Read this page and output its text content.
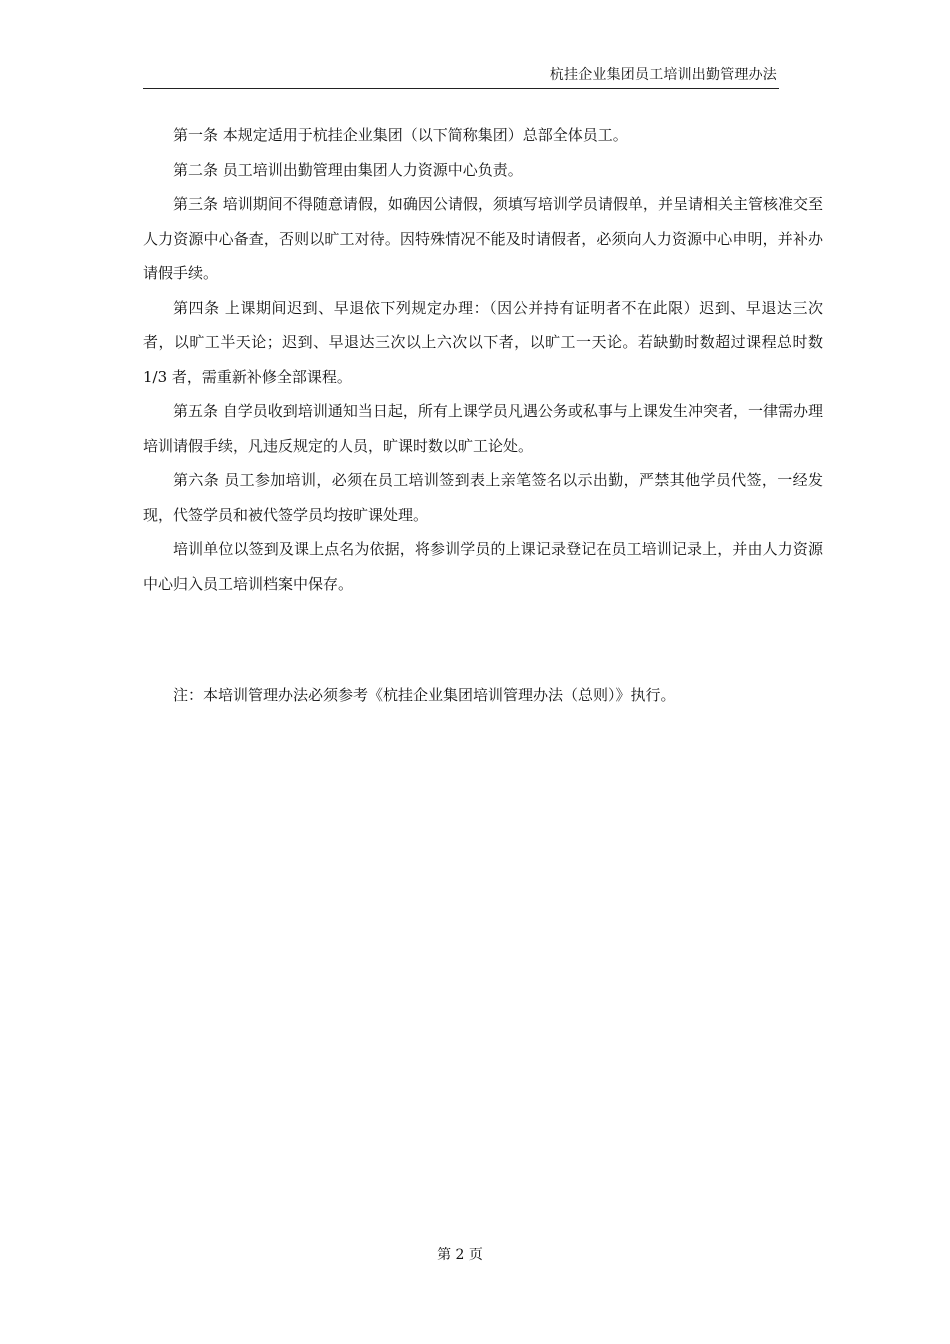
杭挂企业集团员工培训出勤管理办法

第一条 本规定适用于杭挂企业集团（以下简称集团）总部全体员工。

第二条 员工培训出勤管理由集团人力资源中心负责。

第三条 培训期间不得随意请假，如确因公请假，须填写培训学员请假单，并呈请相关主管核准交至人力资源中心备查，否则以旷工对待。因特殊情况不能及时请假者，必须向人力资源中心申明，并补办请假手续。

第四条 上课期间迟到、早退依下列规定办理：（因公并持有证明者不在此限）迟到、早退达三次者，以旷工半天论；迟到、早退达三次以上六次以下者，以旷工一天论。若缺勤时数超过课程总时数 1/3 者，需重新补修全部课程。

第五条 自学员收到培训通知当日起，所有上课学员凡遇公务或私事与上课发生冲突者，一律需办理培训请假手续，凡违反规定的人员，旷课时数以旷工论处。

第六条 员工参加培训，必须在员工培训签到表上亲笔签名以示出勤，严禁其他学员代签，一经发现，代签学员和被代签学员均按旷课处理。

培训单位以签到及课上点名为依据，将参训学员的上课记录登记在员工培训记录上，并由人力资源中心归入员工培训档案中保存。

注：本培训管理办法必须参考《杭挂企业集团培训管理办法（总则）》执行。

第 2 页
